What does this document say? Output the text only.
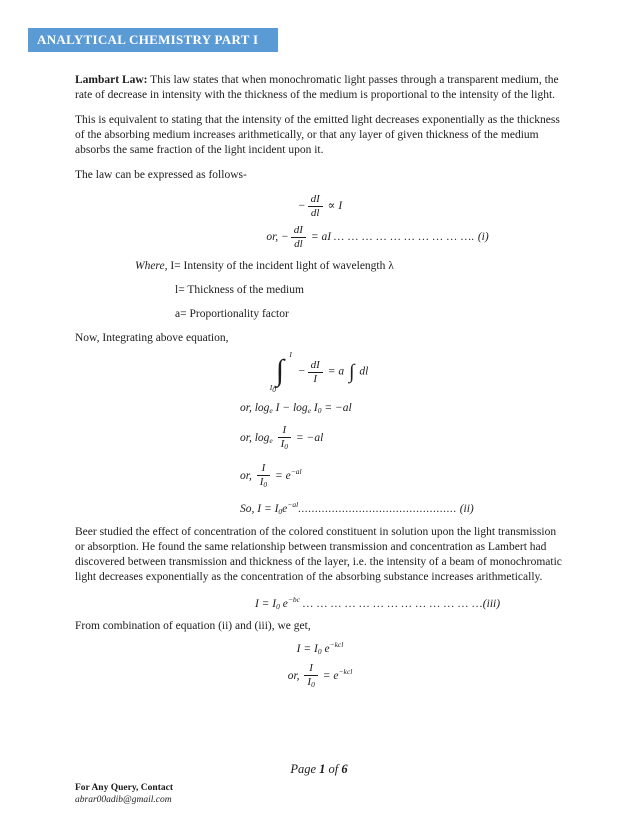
ANALYTICAL CHEMISTRY PART I

Lambart Law: This law states that when monochromatic light passes through a transparent medium, the rate of decrease in intensity with the thickness of the medium is proportional to the intensity of the light.

This is equivalent to stating that the intensity of the emitted light decreases exponentially as the thickness of the absorbing medium increases arithmetically, or that any layer of given thickness of the medium absorbs the same fraction of the light incident upon it.

The law can be expressed as follows-

− $\frac{dI}{dl} \propto I$
or, − $\frac{dI}{dl}$ = aI … … … … … … … … … …. (i)
Where, I= Intensity of the incident light of wavelength λ
l= Thickness of the medium
a= Proportionality factor

Now, Integrating above equation,

I
∫
$I_0$
− $\frac{dI}{I} = a$ ∫ dl
or, $\log_e I - \log_e I_0 = -al$
or, $\log_e \frac{I}{I_0} = -al$
or, $\frac{I}{I_0} = e^{-al}$
So, $I = I_0e^{-al}$............................................... (ii)

Beer studied the effect of concentration of the colored constituent in solution upon the light transmission or absorption. He found the same relationship between transmission and concentration as Lambert had discovered between transmission and thickness of the layer, i.e. the intensity of a beam of monochromatic light decreases exponentially as the concentration of the absorbing substance increases arithmetically.

$I = I_0$ $e^{-bc}$ … … … … … … … … … … … … …(iii)

From combination of equation (ii) and (iii), we get,

$I = I_0$ $e^{-kcl}$
or, $\frac{I}{I_0} = e^{-kcl}$
Page 1 of 6
For Any Query, Contact
abrar00adib@gmail.com
